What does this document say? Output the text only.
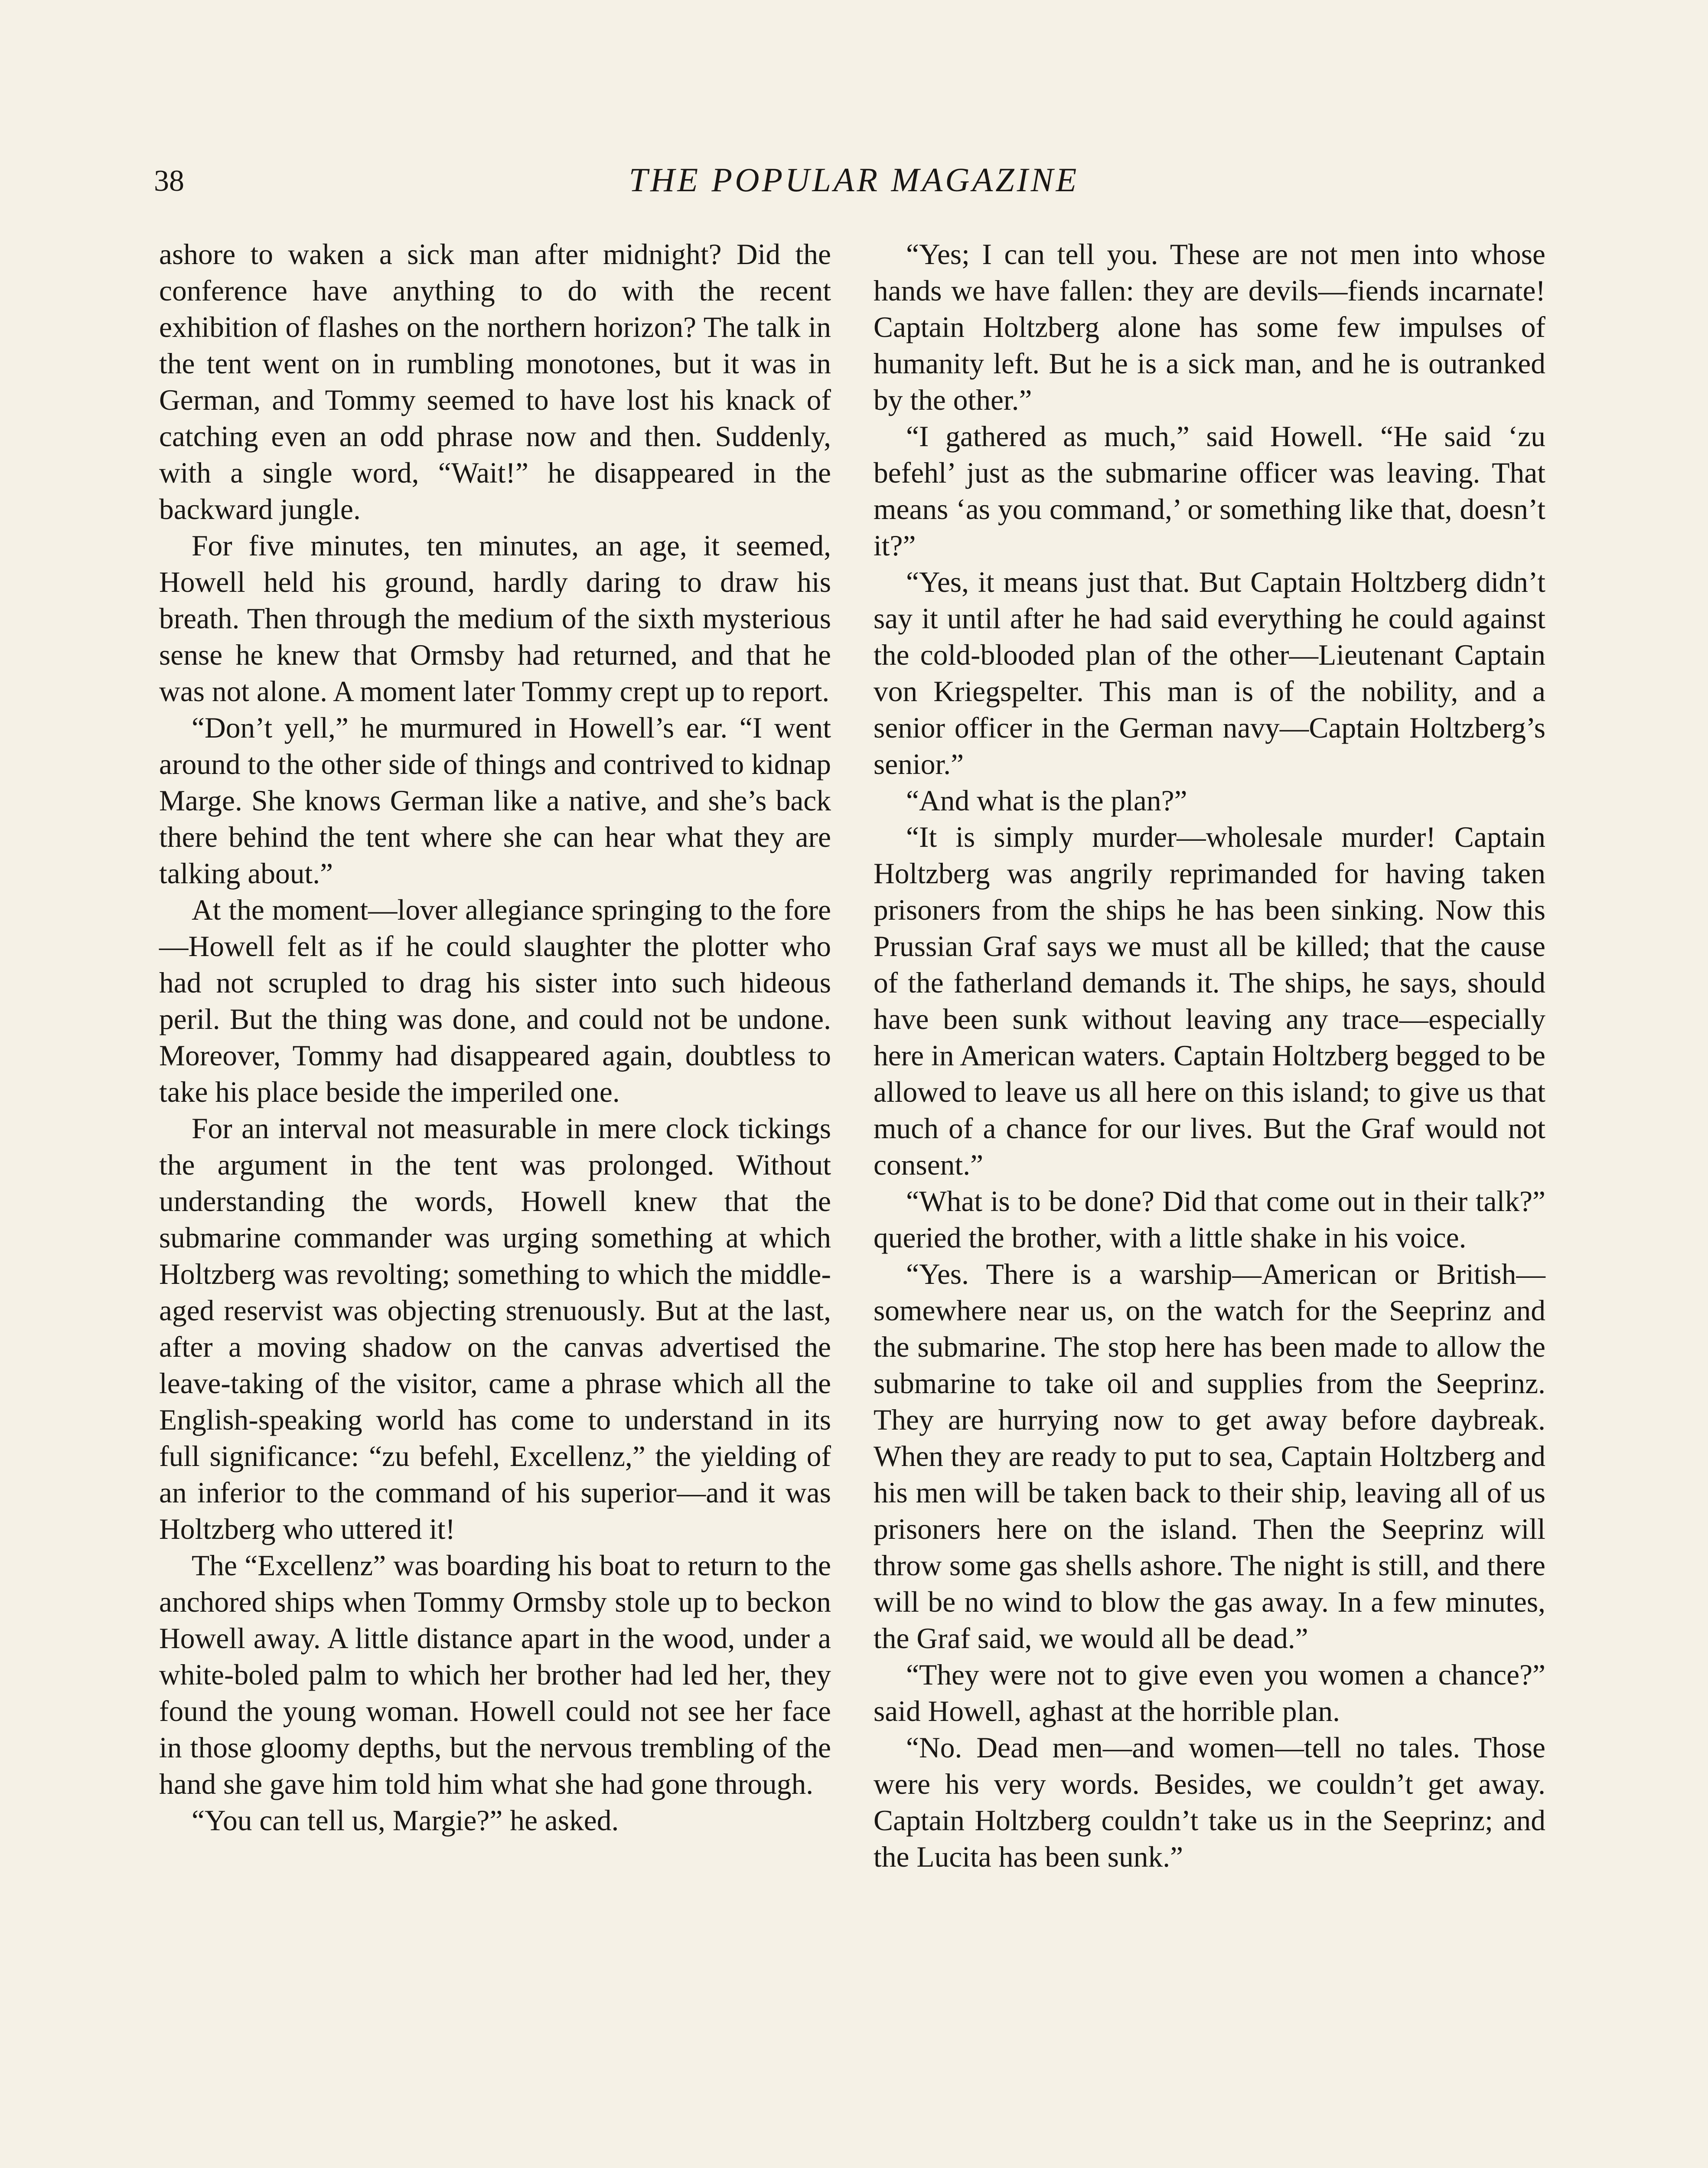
38	THE POPULAR MAGAZINE

ashore to waken a sick man after midnight? Did the conference have anything to do with the recent exhibition of flashes on the northern horizon? The talk in the tent went on in rumbling monotones, but it was in German, and Tommy seemed to have lost his knack of catching even an odd phrase now and then. Suddenly, with a single word, “Wait!” he disappeared in the backward jungle.

For five minutes, ten minutes, an age, it seemed, Howell held his ground, hardly daring to draw his breath. Then through the medium of the sixth mysterious sense he knew that Ormsby had returned, and that he was not alone. A moment later Tommy crept up to report.

“Don’t yell,” he murmured in Howell’s ear. “I went around to the other side of things and contrived to kidnap Marge. She knows German like a native, and she’s back there behind the tent where she can hear what they are talking about.”

At the moment—lover allegiance springing to the fore—Howell felt as if he could slaughter the plotter who had not scrupled to drag his sister into such hideous peril. But the thing was done, and could not be undone. Moreover, Tommy had disappeared again, doubtless to take his place beside the imperiled one.

For an interval not measurable in mere clock tickings the argument in the tent was prolonged. Without understanding the words, Howell knew that the submarine commander was urging something at which Holtzberg was revolting; something to which the middle-aged reservist was objecting strenuously. But at the last, after a moving shadow on the canvas advertised the leave-taking of the visitor, came a phrase which all the English-speaking world has come to understand in its full significance: “zu befehl, Excellenz,” the yielding of an inferior to the command of his superior—and it was Holtzberg who uttered it!

The “Excellenz” was boarding his boat to return to the anchored ships when Tommy Ormsby stole up to beckon Howell away. A little distance apart in the wood, under a white-boled palm to which her brother had led her, they found the young woman. Howell could not see her face in those gloomy depths, but the nervous trembling of the hand she gave him told him what she had gone through.

“You can tell us, Margie?” he asked.

“Yes; I can tell you. These are not men into whose hands we have fallen: they are devils—fiends incarnate! Captain Holtzberg alone has some few impulses of humanity left. But he is a sick man, and he is outranked by the other.”

“I gathered as much,” said Howell. “He said ‘zu befehl’ just as the submarine officer was leaving. That means ‘as you command,’ or something like that, doesn’t it?”

“Yes, it means just that. But Captain Holtzberg didn’t say it until after he had said everything he could against the cold-blooded plan of the other—Lieutenant Captain von Kriegspelter. This man is of the nobility, and a senior officer in the German navy—Captain Holtzberg’s senior.”

“And what is the plan?”

“It is simply murder—wholesale murder! Captain Holtzberg was angrily reprimanded for having taken prisoners from the ships he has been sinking. Now this Prussian Graf says we must all be killed; that the cause of the fatherland demands it. The ships, he says, should have been sunk without leaving any trace—especially here in American waters. Captain Holtzberg begged to be allowed to leave us all here on this island; to give us that much of a chance for our lives. But the Graf would not consent.”

“What is to be done? Did that come out in their talk?” queried the brother, with a little shake in his voice.

“Yes. There is a warship—American or British—somewhere near us, on the watch for the Seeprinz and the submarine. The stop here has been made to allow the submarine to take oil and supplies from the Seeprinz. They are hurrying now to get away before daybreak. When they are ready to put to sea, Captain Holtzberg and his men will be taken back to their ship, leaving all of us prisoners here on the island. Then the Seeprinz will throw some gas shells ashore. The night is still, and there will be no wind to blow the gas away. In a few minutes, the Graf said, we would all be dead.”

“They were not to give even you women a chance?” said Howell, aghast at the horrible plan.

“No. Dead men—and women—tell no tales. Those were his very words. Besides, we couldn’t get away. Captain Holtzberg couldn’t take us in the Seeprinz; and the Lucita has been sunk.”
